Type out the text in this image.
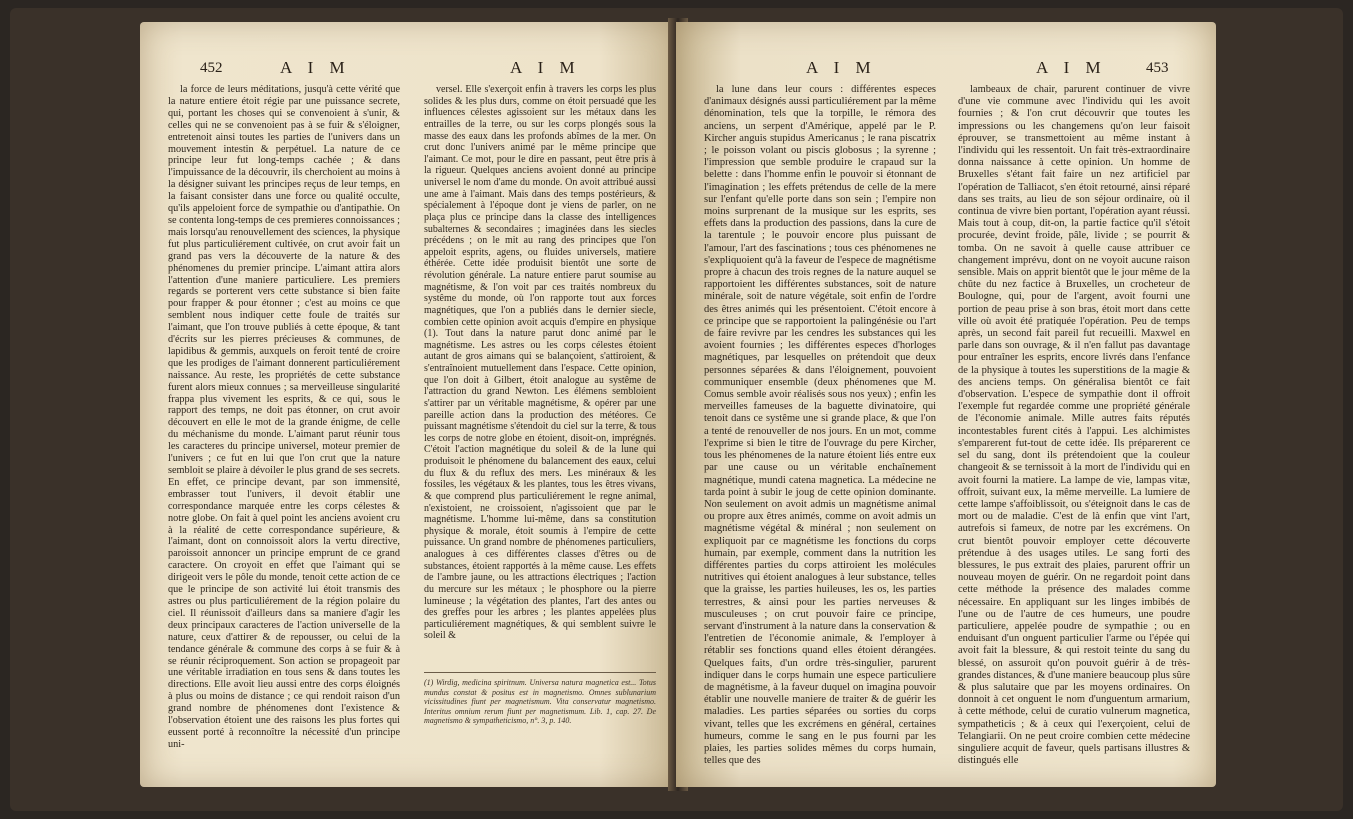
452	A I M	A I M

la force de leurs méditations, jusqu'à cette vérité que la nature entiere étoit régie par une puissance secrete, qui, portant les choses qui se convenoient à s'unir, & celles qui ne se convenoient pas à se fuir & s'éloigner, entretenoit ainsi toutes les parties de l'univers dans un mouvement intestin & perpétuel. La nature de ce principe leur fut long-temps cachée ; & dans l'impuissance de la découvrir, ils cherchoient au moins à la désigner suivant les principes reçus de leur temps, en la faisant consister dans une force ou qualité occulte, qu'ils appeloient force de sympathie ou d'antipathie. On se contenta long-temps de ces premieres connoissances ; mais lorsqu'au renouvellement des sciences, la physique fut plus particuliérement cultivée, on crut avoir fait un grand pas vers la découverte de la nature & des phénomenes du premier principe. L'aimant attira alors l'attention d'une maniere particuliere. Les premiers regards se porterent vers cette substance si bien faite pour frapper & pour étonner ; c'est au moins ce que semblent nous indiquer cette foule de traités sur l'aimant, que l'on trouve publiés à cette époque, & tant d'écrits sur les pierres précieuses & communes, de lapidibus & gemmis, auxquels on feroit tenté de croire que les prodiges de l'aimant donnerent particuliérement naissance. Au reste, les propriétés de cette substance furent alors mieux connues ; sa merveilleuse singularité frappa plus vivement les esprits, & ce qui, sous le rapport des temps, ne doit pas étonner, on crut avoir découvert en elle le mot de la grande énigme, de celle du méchanisme du monde. L'aimant parut réunir tous les caracteres du principe universel, moteur premier de l'univers ; ce fut en lui que l'on crut que la nature sembloit se plaire à dévoiler le plus grand de ses secrets. En effet, ce principe devant, par son immensité, embrasser tout l'univers, il devoit établir une correspondance marquée entre les corps célestes & notre globe. On fait à quel point les anciens avoient cru à la réalité de cette correspondance supérieure, & l'aimant, dont on connoissoit alors la vertu directive, paroissoit annoncer un principe emprunt de ce grand caractere. On croyoit en effet que l'aimant qui se dirigeoit vers le pôle du monde, tenoit cette action de ce que le principe de son activité lui étoit transmis des astres ou plus particuliérement de la région polaire du ciel. Il réunissoit d'ailleurs dans sa maniere d'agir les deux principaux caracteres de l'action universelle de la nature, ceux d'attirer & de repousser, ou celui de la tendance générale & commune des corps à se fuir & à se réunir réciproquement. Son action se propageoit par une véritable irradiation en tous sens & dans toutes les directions. Elle avoit lieu aussi entre des corps éloignés à plus ou moins de distance ; ce qui rendoit raison d'un grand nombre de phénomenes dont l'existence & l'observation étoient une des raisons les plus fortes qui eussent porté à reconnoître la nécessité d'un principe uni-

versel. Elle s'exerçoit enfin à travers les corps les plus solides & les plus durs, comme on étoit persuadé que les influences célestes agissoient sur les métaux dans les entrailles de la terre, ou sur les corps plongés sous la masse des eaux dans les profonds abîmes de la mer. On crut donc l'univers animé par le même principe que l'aimant. Ce mot, pour le dire en passant, peut être pris à la rigueur. Quelques anciens avoient donné au principe universel le nom d'ame du monde. On avoit attribué aussi une ame à l'aimant. Mais dans des temps postérieurs, & spécialement à l'époque dont je viens de parler, on ne plaça plus ce principe dans la classe des intelligences subalternes & secondaires ; imaginées dans les siecles précédens ; on le mit au rang des principes que l'on appeloit esprits, agens, ou fluides universels, matiere éthérée. Cette idée produisit bientôt une sorte de révolution générale. La nature entiere parut soumise au magnétisme, & l'on voit par ces traités nombreux du systême du monde, où l'on rapporte tout aux forces magnétiques, que l'on a publiés dans le dernier siecle, combien cette opinion avoit acquis d'empire en physique (1). Tout dans la nature parut donc animé par le magnétisme. Les astres ou les corps célestes étoient autant de gros aimans qui se balançoient, s'attiroient, & s'entraînoient mutuellement dans l'espace. Cette opinion, que l'on doit à Gilbert, étoit analogue au systême de l'attraction du grand Newton. Les élémens sembloient s'attirer par un véritable magnétisme, & opérer par une pareille action dans la production des météores. Ce puissant magnétisme s'étendoit du ciel sur la terre, & tous les corps de notre globe en étoient, disoit-on, imprégnés. C'étoit l'action magnétique du soleil & de la lune qui produisoit le phénomene du balancement des eaux, celui du flux & du reflux des mers. Les minéraux & les fossiles, les végétaux & les plantes, tous les êtres vivans, & que comprend plus particuliérement le regne animal, n'existoient, ne croissoient, n'agissoient que par le magnétisme. L'homme lui-même, dans sa constitution physique & morale, étoit soumis à l'empire de cette puissance. Un grand nombre de phénomenes particuliers, analogues à ces différentes classes d'êtres ou de substances, étoient rapportés à la même cause. Les effets de l'ambre jaune, ou les attractions électriques ; l'action du mercure sur les métaux ; le phosphore ou la pierre lumineuse ; la végétation des plantes, l'art des antes ou des greffes pour les arbres ; les plantes appelées plus particuliérement magnétiques, & qui semblent suivre le soleil &

(1) Wirdig, medicina spiritnum. Universa natura magnetica est... Totus mundus constat & positus est in magnetismo. Omnes sublunarium vicissitudines fiunt per magnetismum. Vita conservatur magnetismo. Interitus omnium rerum fiunt per magnetismum. Lib. 1, cap. 27. De magnetismo & sympatheticismo, n°. 3, p. 140.
A I M	A I M	453

la lune dans leur cours : différentes especes d'animaux désignés aussi particuliérement par la même dénomination, tels que la torpille, le rémora des anciens, un serpent d'Amérique, appelé par le P. Kircher anguis stupidus Americanus ; le rana piscatrix ; le poisson volant ou piscis globosus ; la syrenne ; l'impression que semble produire le crapaud sur la belette : dans l'homme enfin le pouvoir si étonnant de l'imagination ; les effets prétendus de celle de la mere sur l'enfant qu'elle porte dans son sein ; l'empire non moins surprenant de la musique sur les esprits, ses effets dans la production des passions, dans la cure de la tarentule ; le pouvoir encore plus puissant de l'amour, l'art des fascinations ; tous ces phénomenes ne s'expliquoient qu'à la faveur de l'espece de magnétisme propre à chacun des trois regnes de la nature auquel se rapportoient les différentes substances, soit de nature minérale, soit de nature végétale, soit enfin de l'ordre des êtres animés qui les présentoient. C'étoit encore à ce principe que se rapportoient la palingénésie ou l'art de faire revivre par les cendres les substances qui les avoient fournies ; les différentes especes d'horloges magnétiques, par lesquelles on prétendoit que deux personnes séparées & dans l'éloignement, pouvoient communiquer ensemble (deux phénomenes que M. Comus semble avoir réalisés sous nos yeux) ; enfin les merveilles fameuses de la baguette divinatoire, qui tenoit dans ce systême une si grande place, & que l'on a tenté de renouveller de nos jours. En un mot, comme l'exprime si bien le titre de l'ouvrage du pere Kircher, tous les phénomenes de la nature étoient liés entre eux par une cause ou un véritable enchaînement magnétique, mundi catena magnetica. La médecine ne tarda point à subir le joug de cette opinion dominante. Non seulement on avoit admis un magnétisme animal ou propre aux êtres animés, comme on avoit admis un magnétisme végétal & minéral ; non seulement on expliquoit par ce magnétisme les fonctions du corps humain, par exemple, comment dans la nutrition les différentes parties du corps attiroient les molécules nutritives qui étoient analogues à leur substance, telles que la graisse, les parties huileuses, les os, les parties terrestres, & ainsi pour les parties nerveuses & musculeuses ; on crut pouvoir faire ce principe, servant d'instrument à la nature dans la conservation & l'entretien de l'économie animale, & l'employer à rétablir ses fonctions quand elles étoient dérangées. Quelques faits, d'un ordre très-singulier, parurent indiquer dans le corps humain une espece particuliere de magnétisme, à la faveur duquel on imagina pouvoir établir une nouvelle maniere de traiter & de guérir les maladies. Les parties séparées ou sorties du corps vivant, telles que les excrémens en général, certaines humeurs, comme le sang en le pus fourni par les plaies, les parties solides mêmes du corps humain, telles que des

lambeaux de chair, parurent continuer de vivre d'une vie commune avec l'individu qui les avoit fournies ; & l'on crut découvrir que toutes les impressions ou les changemens qu'on leur faisoit éprouver, se transmettoient au même instant à l'individu qui les ressentoit. Un fait très-extraordinaire donna naissance à cette opinion. Un homme de Bruxelles s'étant fait faire un nez artificiel par l'opération de Talliacot, s'en étoit retourné, ainsi réparé dans ses traits, au lieu de son séjour ordinaire, où il continua de vivre bien portant, l'opération ayant réussi. Mais tout à coup, dit-on, la partie factice qu'il s'étoit procurée, devint froide, pâle, livide ; se pourrit & tomba. On ne savoit à quelle cause attribuer ce changement imprévu, dont on ne voyoit aucune raison sensible. Mais on apprit bientôt que le jour même de la chûte du nez factice à Bruxelles, un crocheteur de Boulogne, qui, pour de l'argent, avoit fourni une portion de peau prise à son bras, étoit mort dans cette ville où avoit été pratiquée l'opération. Peu de temps après, un second fait pareil fut recueilli. Maxwel en parle dans son ouvrage, & il n'en fallut pas davantage pour entraîner les esprits, encore livrés dans l'enfance de la physique à toutes les superstitions de la magie & des anciens temps. On généralisa bientôt ce fait d'observation. L'espece de sympathie dont il offroit l'exemple fut regardée comme une propriété générale de l'économie animale. Mille autres faits réputés incontestables furent cités à l'appui. Les alchimistes s'emparerent fut-tout de cette idée. Ils préparerent ce sel du sang, dont ils prétendoient que la couleur changeoit & se ternissoit à la mort de l'individu qui en avoit fourni la matiere. La lampe de vie, lampas vitæ, offroit, suivant eux, la même merveille. La lumiere de cette lampe s'affoiblissoit, ou s'éteignoit dans le cas de mort ou de maladie. C'est de là enfin que vint l'art, autrefois si fameux, de notre par les excrémens. On crut bientôt pouvoir employer cette découverte prétendue à des usages utiles. Le sang forti des blessures, le pus extrait des plaies, parurent offrir un nouveau moyen de guérir. On ne regardoit point dans cette méthode la présence des malades comme nécessaire. En appliquant sur les linges imbibés de l'une ou de l'autre de ces humeurs, une poudre particuliere, appelée poudre de sympathie ; ou en enduisant d'un onguent particulier l'arme ou l'épée qui avoit fait la blessure, & qui restoit teinte du sang du blessé, on assuroit qu'on pouvoit guérir à de très-grandes distances, & d'une maniere beaucoup plus sûre & plus salutaire que par les moyens ordinaires. On donnoit à cet onguent le nom d'unguentum armarium, à cette méthode, celui de curatio vulnerum magnetica, sympatheticis ; & à ceux qui l'exerçoient, celui de Telangiarii. On ne peut croire combien cette médecine singuliere acquit de faveur, quels partisans illustres & distingués elle
